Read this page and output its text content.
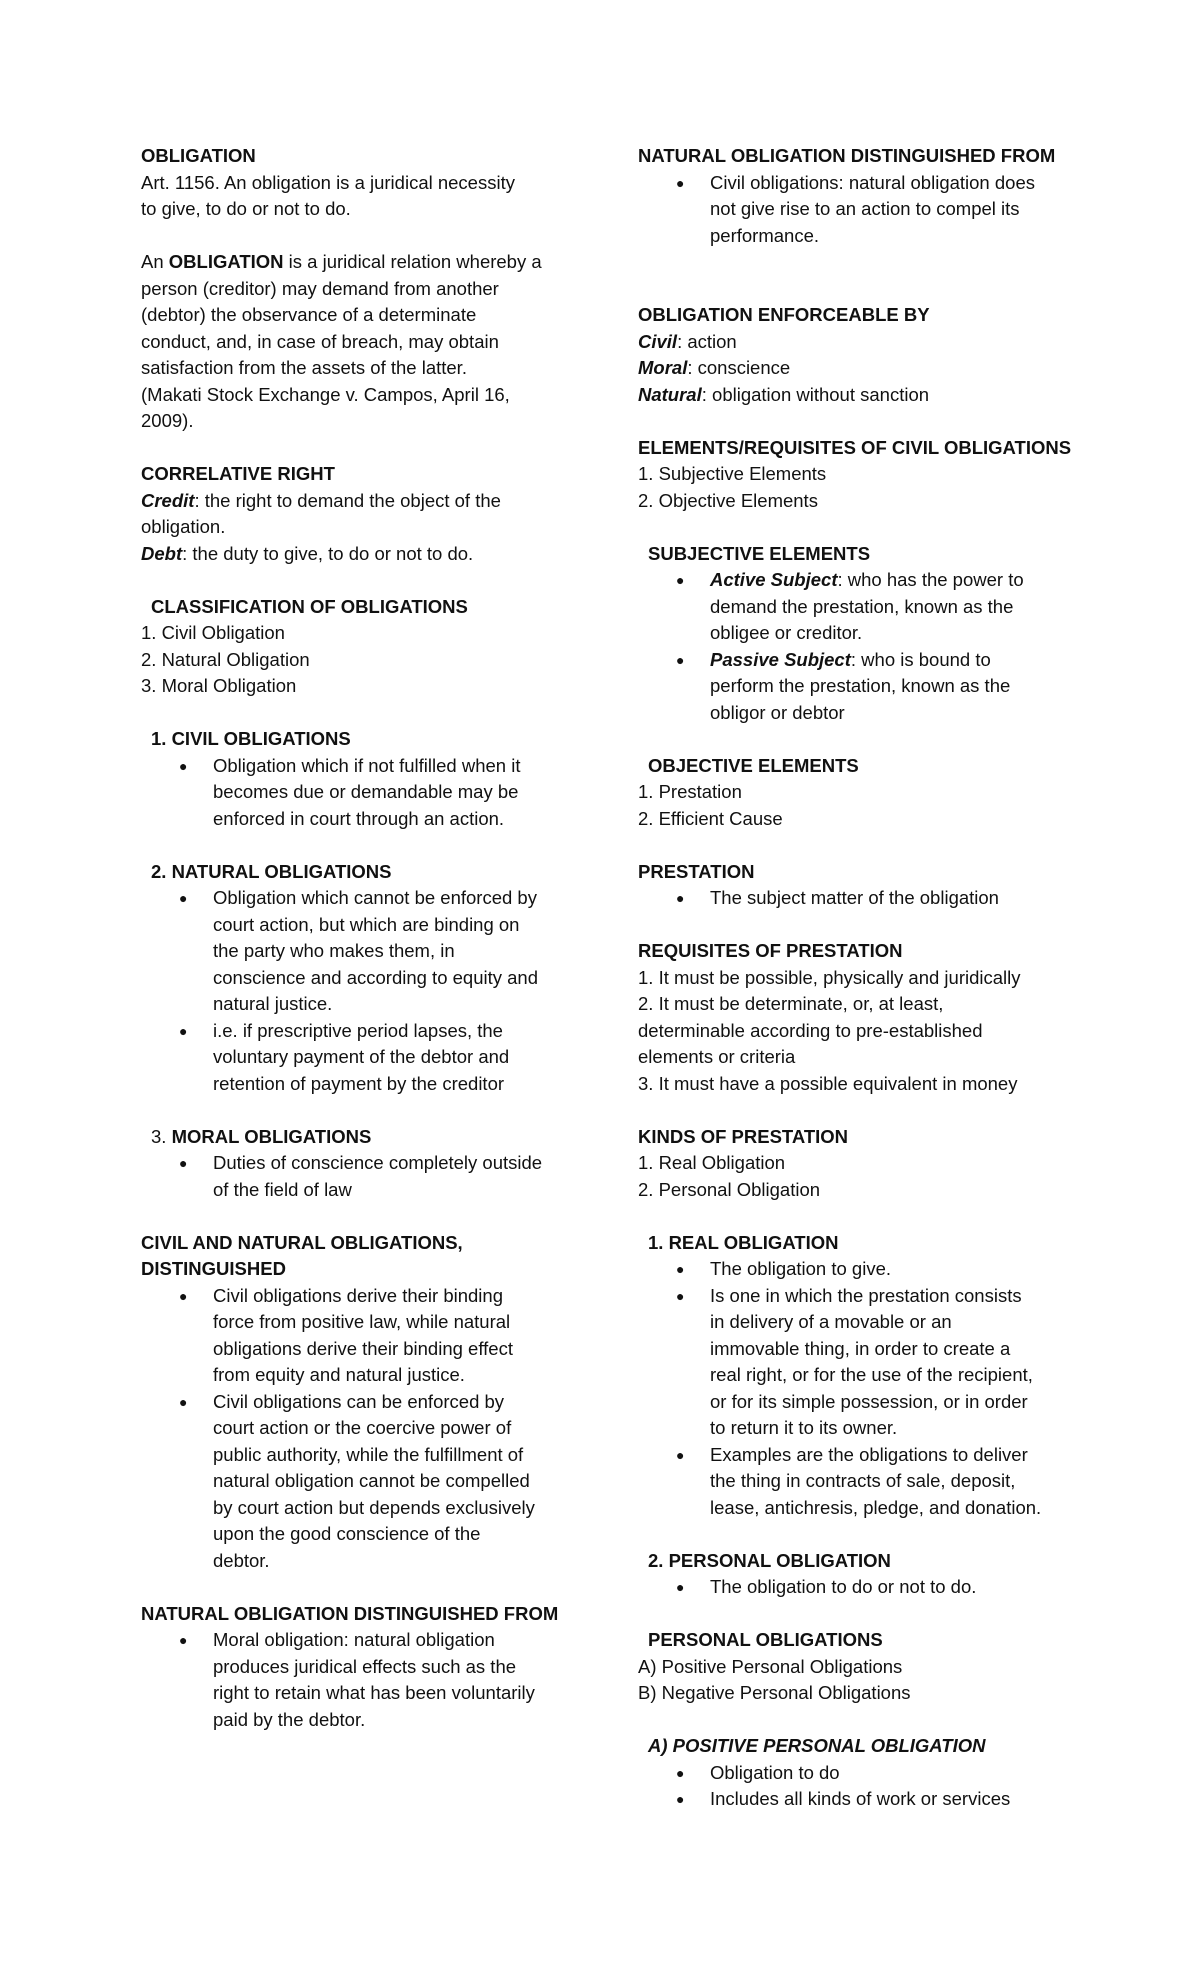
OBLIGATION
Art. 1156. An obligation is a juridical necessity
to give, to do or not to do.
An OBLIGATION is a juridical relation whereby a
person (creditor) may demand from another
(debtor) the observance of a determinate
conduct, and, in case of breach, may obtain
satisfaction from the assets of the latter.
(Makati Stock Exchange v. Campos, April 16,
2009).
CORRELATIVE RIGHT
Credit: the right to demand the object of the
obligation.
Debt: the duty to give, to do or not to do.
CLASSIFICATION OF OBLIGATIONS
1. Civil Obligation
2. Natural Obligation
3. Moral Obligation
1. CIVIL OBLIGATIONS
●
Obligation which if not fulfilled when it
becomes due or demandable may be
enforced in court through an action.
2. NATURAL OBLIGATIONS
●
Obligation which cannot be enforced by
court action, but which are binding on
the party who makes them, in
conscience and according to equity and
natural justice.
●
i.e. if prescriptive period lapses, the
voluntary payment of the debtor and
retention of payment by the creditor
3. MORAL OBLIGATIONS
●
Duties of conscience completely outside
of the field of law
CIVIL AND NATURAL OBLIGATIONS,
DISTINGUISHED
●
Civil obligations derive their binding
force from positive law, while natural
obligations derive their binding effect
from equity and natural justice.
●
Civil obligations can be enforced by
court action or the coercive power of
public authority, while the fulfillment of
natural obligation cannot be compelled
by court action but depends exclusively
upon the good conscience of the
debtor.
NATURAL OBLIGATION DISTINGUISHED FROM
●
Moral obligation: natural obligation
produces juridical effects such as the
right to retain what has been voluntarily
paid by the debtor.
NATURAL OBLIGATION DISTINGUISHED FROM
●
Civil obligations: natural obligation does
not give rise to an action to compel its
performance.
OBLIGATION ENFORCEABLE BY
Civil: action
Moral: conscience
Natural: obligation without sanction
ELEMENTS/REQUISITES OF CIVIL OBLIGATIONS
1. Subjective Elements
2. Objective Elements
SUBJECTIVE ELEMENTS
●
Active Subject: who has the power to
demand the prestation, known as the
obligee or creditor.
●
Passive Subject: who is bound to
perform the prestation, known as the
obligor or debtor
OBJECTIVE ELEMENTS
1. Prestation
2. Efficient Cause
PRESTATION
●
The subject matter of the obligation
REQUISITES OF PRESTATION
1. It must be possible, physically and juridically
2. It must be determinate, or, at least,
determinable according to pre-established
elements or criteria
3. It must have a possible equivalent in money
KINDS OF PRESTATION
1. Real Obligation
2. Personal Obligation
1. REAL OBLIGATION
●
The obligation to give.
●
Is one in which the prestation consists
in delivery of a movable or an
immovable thing, in order to create a
real right, or for the use of the recipient,
or for its simple possession, or in order
to return it to its owner.
●
Examples are the obligations to deliver
the thing in contracts of sale, deposit,
lease, antichresis, pledge, and donation.
2. PERSONAL OBLIGATION
●
The obligation to do or not to do.
PERSONAL OBLIGATIONS
A) Positive Personal Obligations
B) Negative Personal Obligations
A) POSITIVE PERSONAL OBLIGATION
●
Obligation to do
●
Includes all kinds of work or services
